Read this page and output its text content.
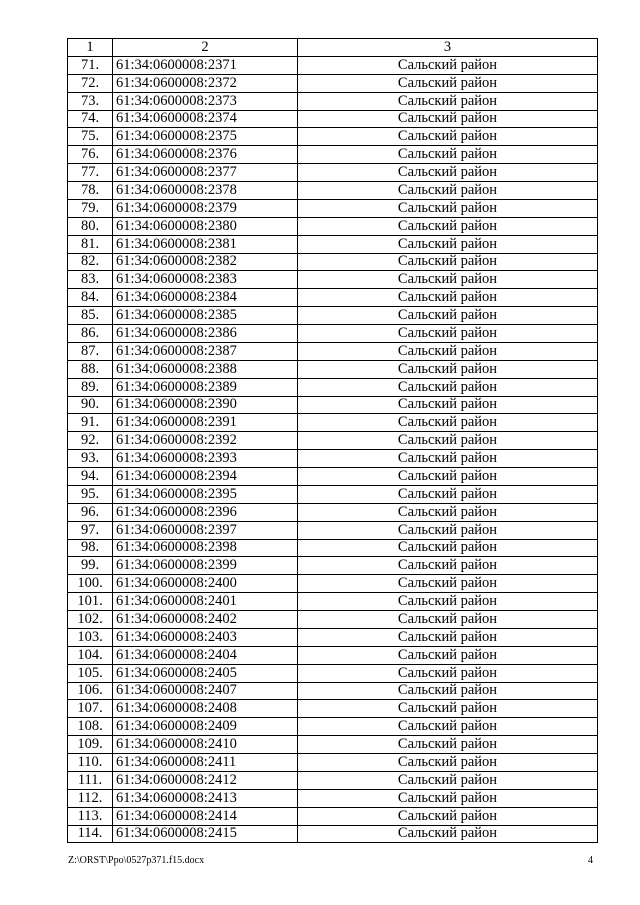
1	2	3
71.	61:34:0600008:2371	Сальский район
72.	61:34:0600008:2372	Сальский район
73.	61:34:0600008:2373	Сальский район
74.	61:34:0600008:2374	Сальский район
75.	61:34:0600008:2375	Сальский район
76.	61:34:0600008:2376	Сальский район
77.	61:34:0600008:2377	Сальский район
78.	61:34:0600008:2378	Сальский район
79.	61:34:0600008:2379	Сальский район
80.	61:34:0600008:2380	Сальский район
81.	61:34:0600008:2381	Сальский район
82.	61:34:0600008:2382	Сальский район
83.	61:34:0600008:2383	Сальский район
84.	61:34:0600008:2384	Сальский район
85.	61:34:0600008:2385	Сальский район
86.	61:34:0600008:2386	Сальский район
87.	61:34:0600008:2387	Сальский район
88.	61:34:0600008:2388	Сальский район
89.	61:34:0600008:2389	Сальский район
90.	61:34:0600008:2390	Сальский район
91.	61:34:0600008:2391	Сальский район
92.	61:34:0600008:2392	Сальский район
93.	61:34:0600008:2393	Сальский район
94.	61:34:0600008:2394	Сальский район
95.	61:34:0600008:2395	Сальский район
96.	61:34:0600008:2396	Сальский район
97.	61:34:0600008:2397	Сальский район
98.	61:34:0600008:2398	Сальский район
99.	61:34:0600008:2399	Сальский район
100.	61:34:0600008:2400	Сальский район
101.	61:34:0600008:2401	Сальский район
102.	61:34:0600008:2402	Сальский район
103.	61:34:0600008:2403	Сальский район
104.	61:34:0600008:2404	Сальский район
105.	61:34:0600008:2405	Сальский район
106.	61:34:0600008:2407	Сальский район
107.	61:34:0600008:2408	Сальский район
108.	61:34:0600008:2409	Сальский район
109.	61:34:0600008:2410	Сальский район
110.	61:34:0600008:2411	Сальский район
111.	61:34:0600008:2412	Сальский район
112.	61:34:0600008:2413	Сальский район
113.	61:34:0600008:2414	Сальский район
114.	61:34:0600008:2415	Сальский район
Z:\ORST\Ppo\0527p371.f15.docx	4
